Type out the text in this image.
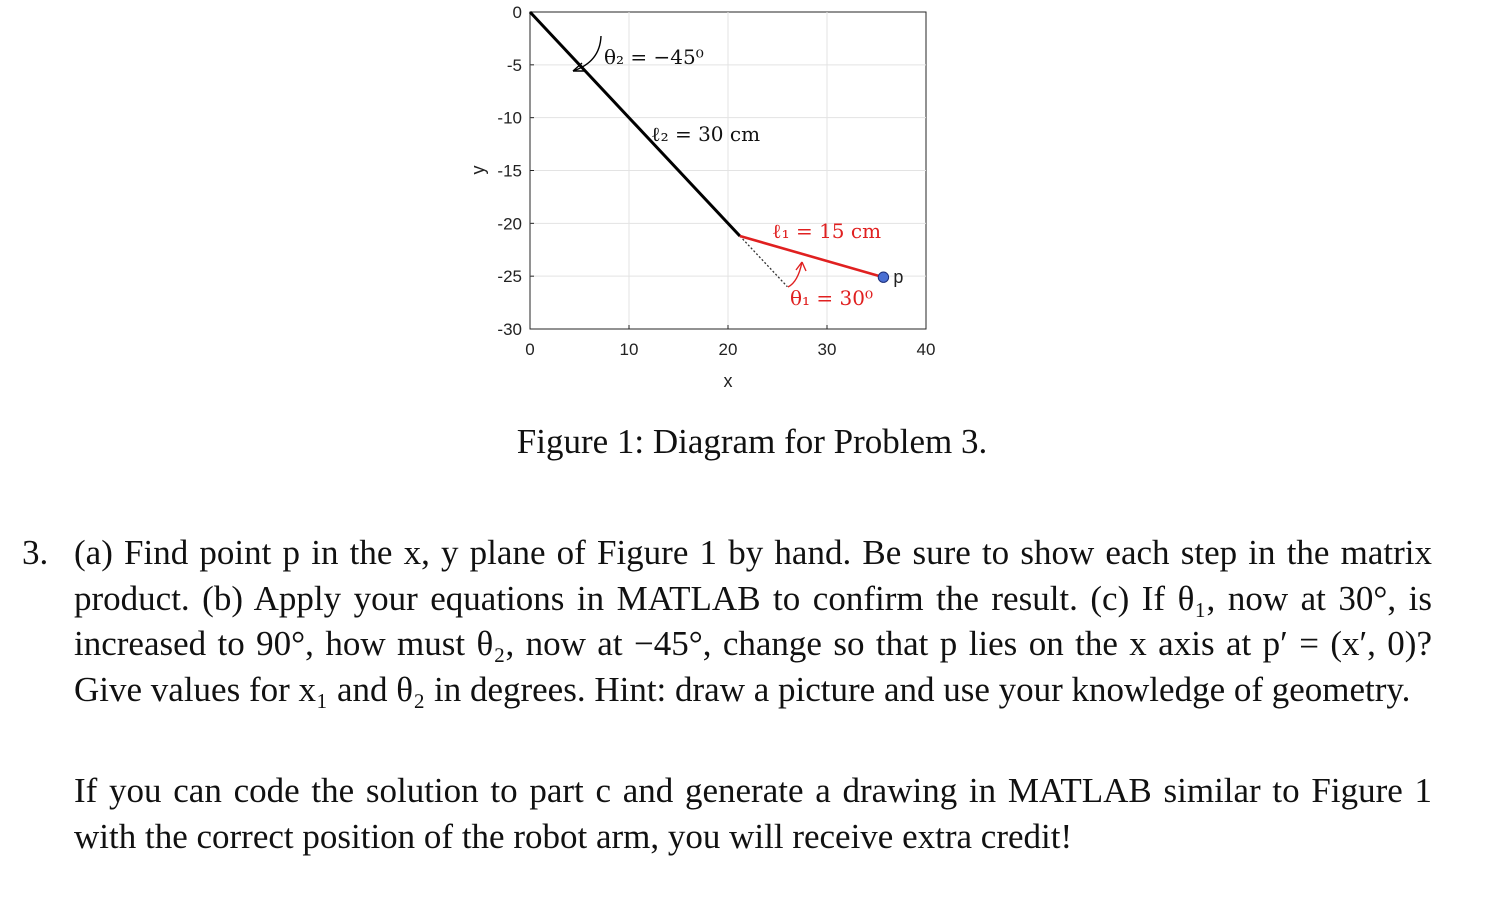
0
-5
-10
-15
-20
-25
-30
0	10	20	30	40
x
y
p
θ₂ = −45⁰
ℓ₂ = 30 cm
ℓ₁ = 15 cm
θ₁ = 30⁰
Figure 1: Diagram for Problem 3.
3. (a) Find point p in the x, y plane of Figure 1 by hand. Be sure to show each step in the matrix product. (b) Apply your equations in MATLAB to confirm the result. (c) If θ₁, now at 30°, is increased to 90°, how must θ₂, now at −45°, change so that p lies on the x axis at p′ = (x′, 0)? Give values for x₁ and θ₂ in degrees. Hint: draw a picture and use your knowledge of geometry.
If you can code the solution to part c and generate a drawing in MATLAB similar to Figure 1 with the correct position of the robot arm, you will receive extra credit!
